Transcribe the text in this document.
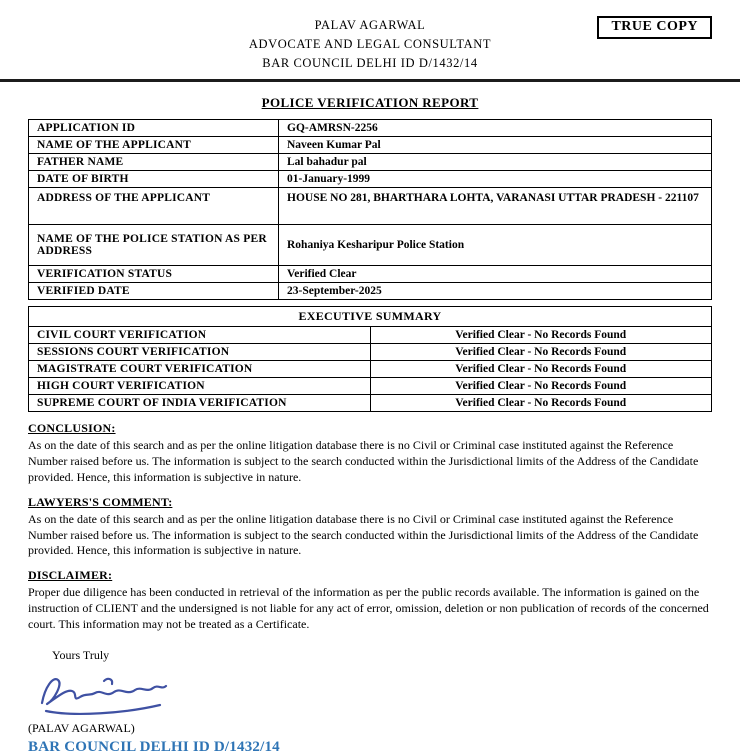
TRUE COPY
PALAV AGARWAL
ADVOCATE AND LEGAL CONSULTANT
BAR COUNCIL DELHI ID D/1432/14
POLICE VERIFICATION REPORT
APPLICATION ID	GQ-AMRSN-2256
NAME OF THE APPLICANT	Naveen Kumar Pal
FATHER NAME	Lal bahadur pal
DATE OF BIRTH	01-January-1999
ADDRESS OF THE APPLICANT	HOUSE NO 281, BHARTHARA LOHTA, VARANASI UTTAR PRADESH - 221107
NAME OF THE POLICE STATION AS PER ADDRESS	Rohaniya Kesharipur Police Station
VERIFICATION STATUS	Verified Clear
VERIFIED DATE	23-September-2025
EXECUTIVE SUMMARY	
CIVIL COURT VERIFICATION	Verified Clear - No Records Found
SESSIONS COURT VERIFICATION	Verified Clear - No Records Found
MAGISTRATE COURT VERIFICATION	Verified Clear - No Records Found
HIGH COURT VERIFICATION	Verified Clear - No Records Found
SUPREME COURT OF INDIA VERIFICATION	Verified Clear - No Records Found
CONCLUSION:
As on the date of this search and as per the online litigation database there is no Civil or Criminal case instituted against the Reference Number raised before us. The information is subject to the search conducted within the Jurisdictional limits of the Address of the Candidate provided. Hence, this information is subjective in nature.
LAWYERS'S COMMENT:
As on the date of this search and as per the online litigation database there is no Civil or Criminal case instituted against the Reference Number raised before us. The information is subject to the search conducted within the Jurisdictional limits of the Address of the Candidate provided. Hence, this information is subjective in nature.
DISCLAIMER:
Proper due diligence has been conducted in retrieval of the information as per the public records available. The information is gained on the instruction of CLIENT and the undersigned is not liable for any act of error, omission, deletion or non publication of records of the concerned court. This information may not be treated as a Certificate.
Yours Truly
(PALAV AGARWAL)
BAR COUNCIL DELHI ID D/1432/14
